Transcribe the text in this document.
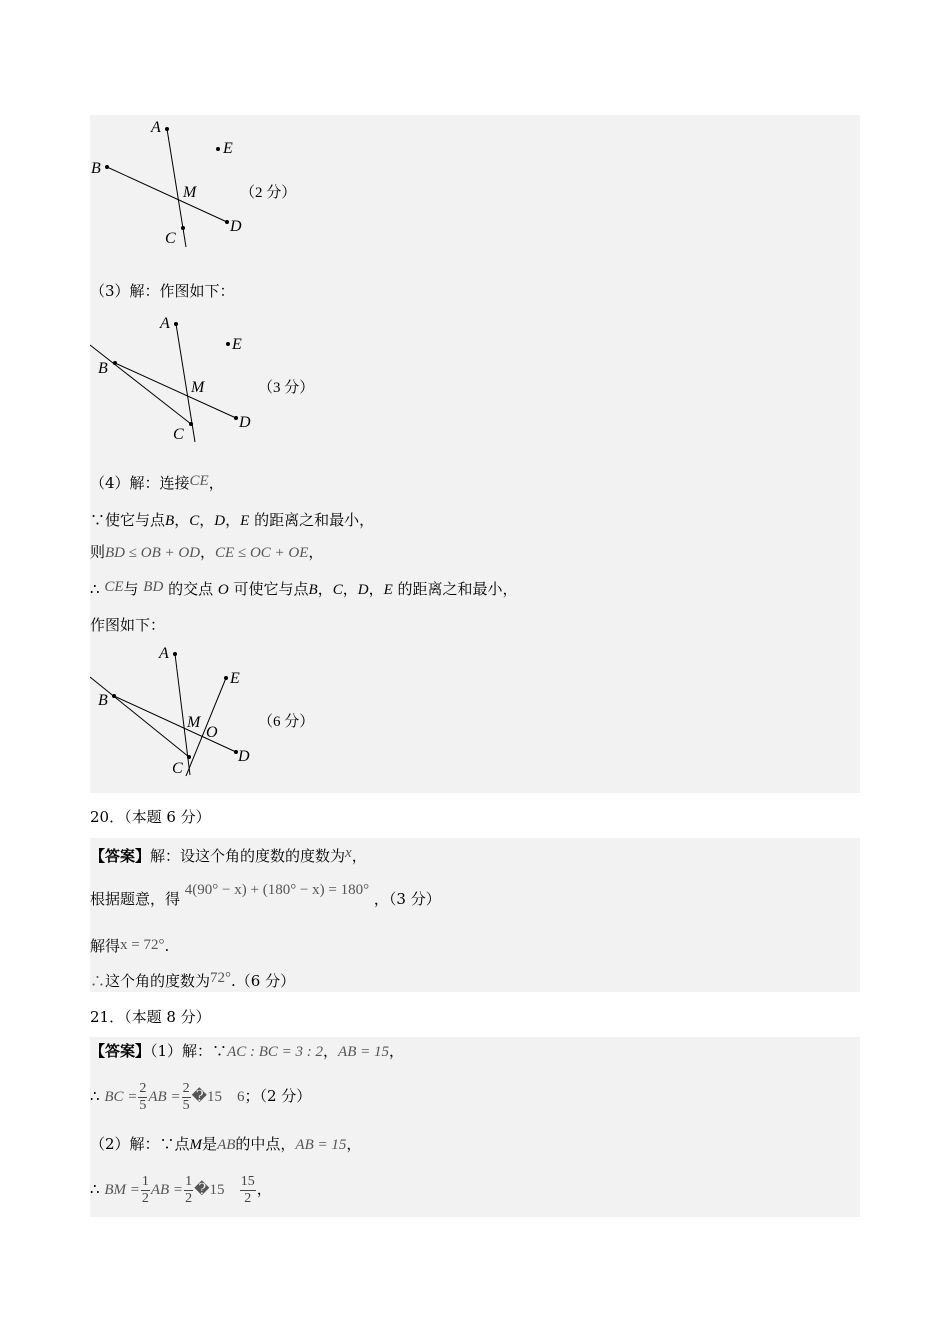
A
B
C
D
E
M	（2 分）
（3）解：作图如下：
A
B
C
D
E
M	（3 分）
（4）解：连接CE，
∵使它与点B，C，D，E 的距离之和最小，
则BD ≤ OB + OD，CE ≤ OC + OE，
∴ CE与 BD 的交点 O 可使它与点B，C，D，E 的距离之和最小，
作图如下：
A
B
C
D
E
M
O
（6 分）
20．（本题 6 分）
【答案】解：设这个角的度数的度数为x，
根据题意，得 4(90° − x) + (180° − x) = 180° ，（3 分）
解得x = 72°.
∴这个角的度数为72°.（6 分）
21．（本题 8 分）
【答案】（1）解：∵AC : BC = 3 : 2，AB = 15，
∴ BC = $\frac{2}{5}$ AB = $\frac{2}{5}$ �15　6；（2 分）
（2）解：∵点M是AB的中点，AB = 15，
∴ BM = $\frac{1}{2}$ AB = $\frac{1}{2}$ �15 $\frac{15}{2}$ ，
